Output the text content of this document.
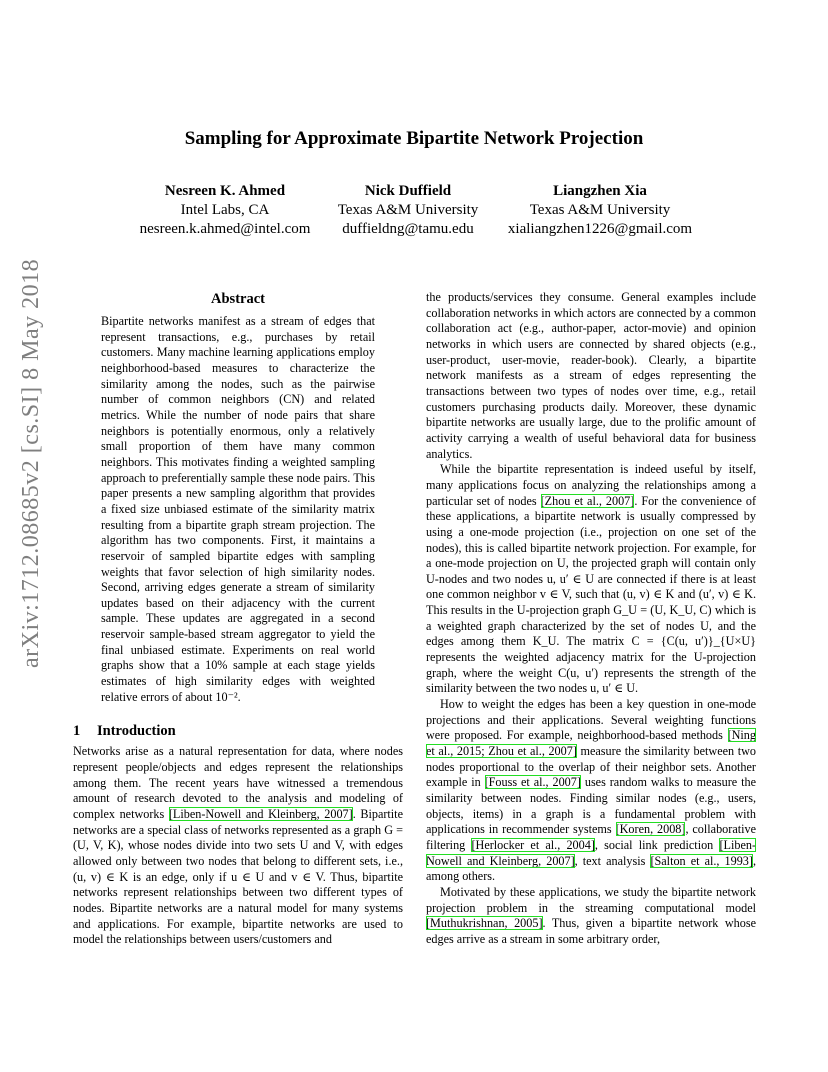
arXiv:1712.08685v2 [cs.SI] 8 May 2018
Sampling for Approximate Bipartite Network Projection
Nesreen K. Ahmed
Intel Labs, CA
nesreen.k.ahmed@intel.com
Nick Duffield
Texas A&M University
duffieldng@tamu.edu
Liangzhen Xia
Texas A&M University
xialiangzhen1226@gmail.com
Abstract

Bipartite networks manifest as a stream of edges that represent transactions, e.g., purchases by retail customers. Many machine learning applications employ neighborhood-based measures to characterize the similarity among the nodes, such as the pairwise number of common neighbors (CN) and related metrics. While the number of node pairs that share neighbors is potentially enormous, only a relatively small proportion of them have many common neighbors. This motivates finding a weighted sampling approach to preferentially sample these node pairs. This paper presents a new sampling algorithm that provides a fixed size unbiased estimate of the similarity matrix resulting from a bipartite graph stream projection. The algorithm has two components. First, it maintains a reservoir of sampled bipartite edges with sampling weights that favor selection of high similarity nodes. Second, arriving edges generate a stream of similarity updates based on their adjacency with the current sample. These updates are aggregated in a second reservoir sample-based stream aggregator to yield the final unbiased estimate. Experiments on real world graphs show that a 10% sample at each stage yields estimates of high similarity edges with weighted relative errors of about 10⁻².

1 Introduction

Networks arise as a natural representation for data, where nodes represent people/objects and edges represent the relationships among them. The recent years have witnessed a tremendous amount of research devoted to the analysis and modeling of complex networks [Liben-Nowell and Kleinberg, 2007]. Bipartite networks are a special class of networks represented as a graph G = (U, V, K), whose nodes divide into two sets U and V, with edges allowed only between two nodes that belong to different sets, i.e., (u, v) ∈ K is an edge, only if u ∈ U and v ∈ V. Thus, bipartite networks represent relationships between two different types of nodes. Bipartite networks are a natural model for many systems and applications. For example, bipartite networks are used to model the relationships between users/customers and

the products/services they consume. General examples include collaboration networks in which actors are connected by a common collaboration act (e.g., author-paper, actor-movie) and opinion networks in which users are connected by shared objects (e.g., user-product, user-movie, reader-book). Clearly, a bipartite network manifests as a stream of edges representing the transactions between two types of nodes over time, e.g., retail customers purchasing products daily. Moreover, these dynamic bipartite networks are usually large, due to the prolific amount of activity carrying a wealth of useful behavioral data for business analytics.

While the bipartite representation is indeed useful by itself, many applications focus on analyzing the relationships among a particular set of nodes [Zhou et al., 2007]. For the convenience of these applications, a bipartite network is usually compressed by using a one-mode projection (i.e., projection on one set of the nodes), this is called bipartite network projection. For example, for a one-mode projection on U, the projected graph will contain only U-nodes and two nodes u, u′ ∈ U are connected if there is at least one common neighbor v ∈ V, such that (u, v) ∈ K and (u′, v) ∈ K. This results in the U-projection graph G_U = (U, K_U, C) which is a weighted graph characterized by the set of nodes U, and the edges among them K_U. The matrix C = {C(u, u′)}_{U×U} represents the weighted adjacency matrix for the U-projection graph, where the weight C(u, u′) represents the strength of the similarity between the two nodes u, u′ ∈ U.

How to weight the edges has been a key question in one-mode projections and their applications. Several weighting functions were proposed. For example, neighborhood-based methods [Ning et al., 2015; Zhou et al., 2007] measure the similarity between two nodes proportional to the overlap of their neighbor sets. Another example in [Fouss et al., 2007] uses random walks to measure the similarity between nodes. Finding similar nodes (e.g., users, objects, items) in a graph is a fundamental problem with applications in recommender systems [Koren, 2008], collaborative filtering [Herlocker et al., 2004], social link prediction [Liben-Nowell and Kleinberg, 2007], text analysis [Salton et al., 1993], among others.

Motivated by these applications, we study the bipartite network projection problem in the streaming computational model [Muthukrishnan, 2005]. Thus, given a bipartite network whose edges arrive as a stream in some arbitrary order,
